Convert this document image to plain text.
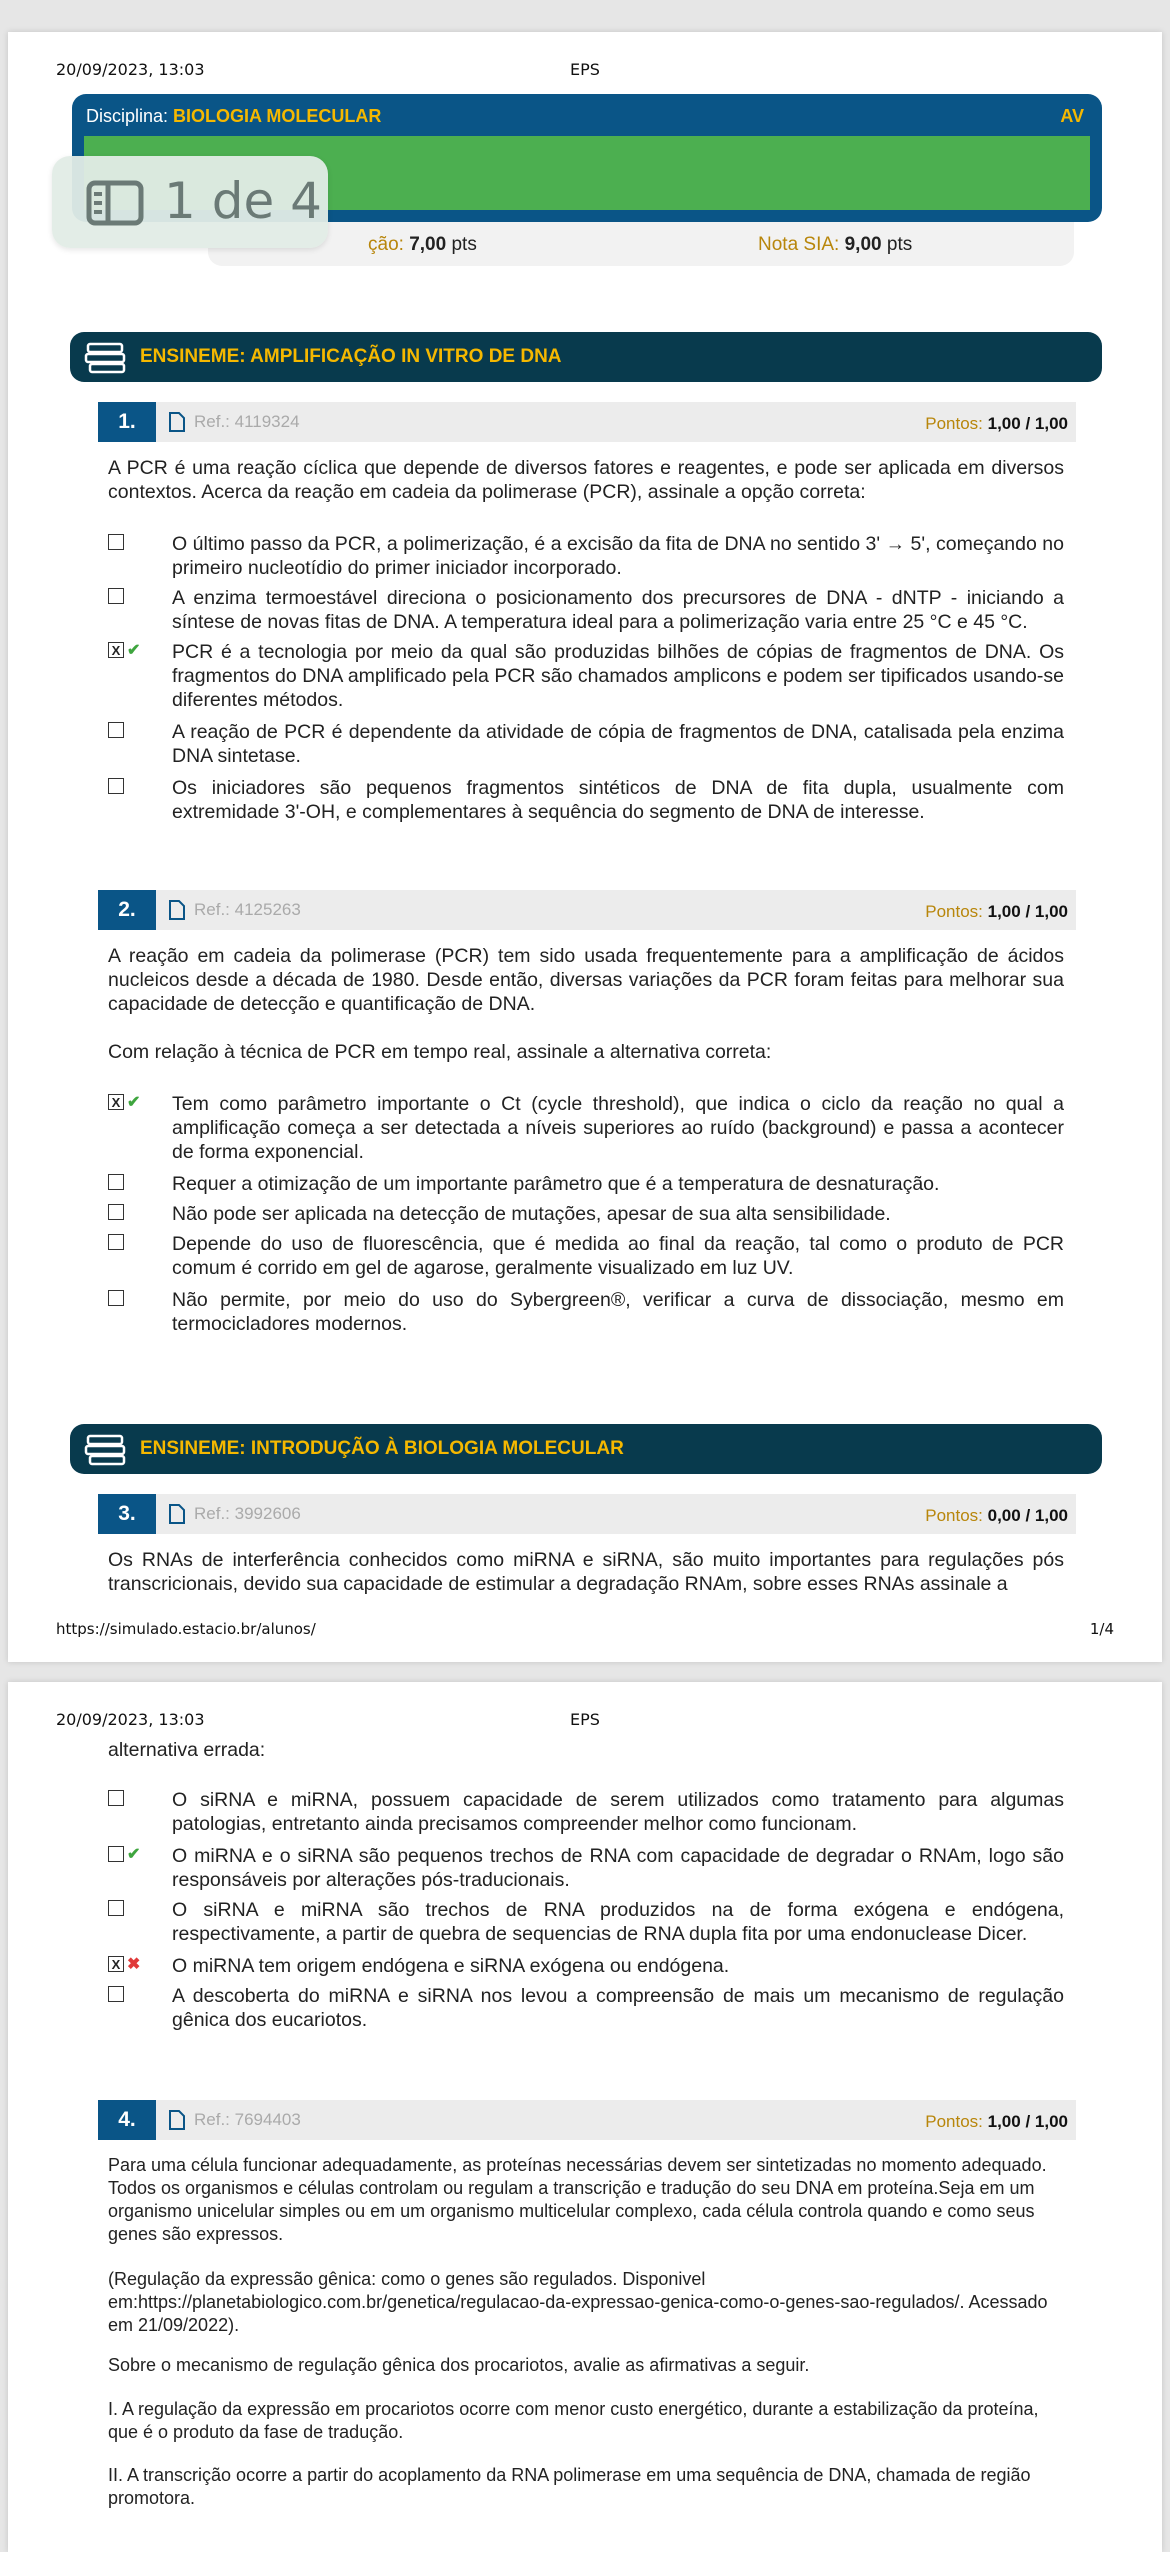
20/09/2023, 13:03	EPS
Disciplina: BIOLOGIA MOLECULAR	AV
ção: 7,00 pts	Nota SIA: 9,00 pts
ENSINEME: AMPLIFICAÇÃO IN VITRO DE DNA
1.	Ref.: 4119324	Pontos: 1,00 / 1,00
A PCR é uma reação cíclica que depende de diversos fatores e reagentes, e pode ser aplicada em diversos contextos. Acerca da reação em cadeia da polimerase (PCR), assinale a opção correta:
O último passo da PCR, a polimerização, é a excisão da fita de DNA no sentido 3' → 5', começando no primeiro nucleotídio do primer iniciador incorporado.
A enzima termoestável direciona o posicionamento dos precursores de DNA - dNTP - iniciando a síntese de novas fitas de DNA. A temperatura ideal para a polimerização varia entre 25 °C e 45 °C.
X ✔ PCR é a tecnologia por meio da qual são produzidas bilhões de cópias de fragmentos de DNA. Os fragmentos do DNA amplificado pela PCR são chamados amplicons e podem ser tipificados usando-se diferentes métodos.
A reação de PCR é dependente da atividade de cópia de fragmentos de DNA, catalisada pela enzima DNA sintetase.
Os iniciadores são pequenos fragmentos sintéticos de DNA de fita dupla, usualmente com extremidade 3'-OH, e complementares à sequência do segmento de DNA de interesse.
2.	Ref.: 4125263	Pontos: 1,00 / 1,00
A reação em cadeia da polimerase (PCR) tem sido usada frequentemente para a amplificação de ácidos nucleicos desde a década de 1980. Desde então, diversas variações da PCR foram feitas para melhorar sua capacidade de detecção e quantificação de DNA.
Com relação à técnica de PCR em tempo real, assinale a alternativa correta:
X ✔ Tem como parâmetro importante o Ct (cycle threshold), que indica o ciclo da reação no qual a amplificação começa a ser detectada a níveis superiores ao ruído (background) e passa a acontecer de forma exponencial.
Requer a otimização de um importante parâmetro que é a temperatura de desnaturação.
Não pode ser aplicada na detecção de mutações, apesar de sua alta sensibilidade.
Depende do uso de fluorescência, que é medida ao final da reação, tal como o produto de PCR comum é corrido em gel de agarose, geralmente visualizado em luz UV.
Não permite, por meio do uso do Sybergreen®, verificar a curva de dissociação, mesmo em termocicladores modernos.
ENSINEME: INTRODUÇÃO À BIOLOGIA MOLECULAR
3.	Ref.: 3992606	Pontos: 0,00 / 1,00
Os RNAs de interferência conhecidos como miRNA e siRNA, são muito importantes para regulações pós transcricionais, devido sua capacidade de estimular a degradação RNAm, sobre esses RNAs assinale a
https://simulado.estacio.br/alunos/	1/4
1 de 4
20/09/2023, 13:03	EPS
alternativa errada:
O siRNA e miRNA, possuem capacidade de serem utilizados como tratamento para algumas patologias, entretanto ainda precisamos compreender melhor como funcionam.
✔ O miRNA e o siRNA são pequenos trechos de RNA com capacidade de degradar o RNAm, logo são responsáveis por alterações pós-traducionais.
O siRNA e miRNA são trechos de RNA produzidos na de forma exógena e endógena, respectivamente, a partir de quebra de sequencias de RNA dupla fita por uma endonuclease Dicer.
X ✖ O miRNA tem origem endógena e siRNA exógena ou endógena.
A descoberta do miRNA e siRNA nos levou a compreensão de mais um mecanismo de regulação gênica dos eucariotos.
4.	Ref.: 7694403	Pontos: 1,00 / 1,00
Para uma célula funcionar adequadamente, as proteínas necessárias devem ser sintetizadas no momento adequado. Todos os organismos e células controlam ou regulam a transcrição e tradução do seu DNA em proteína.Seja em um organismo unicelular simples ou em um organismo multicelular complexo, cada célula controla quando e como seus genes são expressos.
(Regulação da expressão gênica: como o genes são regulados. Disponivel em:https://planetabiologico.com.br/genetica/regulacao-da-expressao-genica-como-o-genes-sao-regulados/. Acessado em 21/09/2022).
Sobre o mecanismo de regulação gênica dos procariotos, avalie as afirmativas a seguir.
I. A regulação da expressão em procariotos ocorre com menor custo energético, durante a estabilização da proteína, que é o produto da fase de tradução.
II. A transcrição ocorre a partir do acoplamento da RNA polimerase em uma sequência de DNA, chamada de região promotora.
